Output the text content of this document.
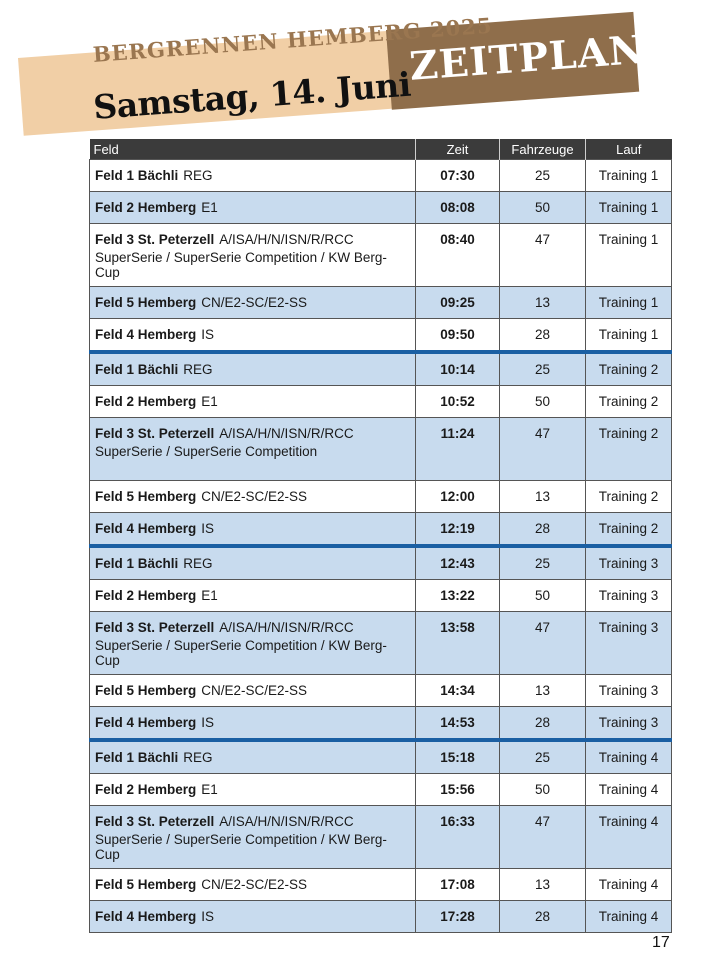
BERGRENNEN HEMBERG 2025
Samstag, 14. Juni
ZEITPLAN
Feld	Zeit	Fahrzeuge	Lauf
Feld 1 Bächli REG	07:30	25	Training 1
Feld 2 Hemberg E1	08:08	50	Training 1
Feld 3 St. Peterzell A/ISA/H/N/ISN/R/RCC
SuperSerie / SuperSerie Competition / KW Berg-Cup	08:40	47	Training 1
Feld 5 Hemberg CN/E2-SC/E2-SS	09:25	13	Training 1
Feld 4 Hemberg IS	09:50	28	Training 1
Feld 1 Bächli REG	10:14	25	Training 2
Feld 2 Hemberg E1	10:52	50	Training 2
Feld 3 St. Peterzell A/ISA/H/N/ISN/R/RCC
SuperSerie / SuperSerie Competition	11:24	47	Training 2
Feld 5 Hemberg CN/E2-SC/E2-SS	12:00	13	Training 2
Feld 4 Hemberg IS	12:19	28	Training 2
Feld 1 Bächli REG	12:43	25	Training 3
Feld 2 Hemberg E1	13:22	50	Training 3
Feld 3 St. Peterzell A/ISA/H/N/ISN/R/RCC
SuperSerie / SuperSerie Competition / KW Berg-Cup	13:58	47	Training 3
Feld 5 Hemberg CN/E2-SC/E2-SS	14:34	13	Training 3
Feld 4 Hemberg IS	14:53	28	Training 3
Feld 1 Bächli REG	15:18	25	Training 4
Feld 2 Hemberg E1	15:56	50	Training 4
Feld 3 St. Peterzell A/ISA/H/N/ISN/R/RCC
SuperSerie / SuperSerie Competition / KW Berg-Cup	16:33	47	Training 4
Feld 5 Hemberg CN/E2-SC/E2-SS	17:08	13	Training 4
Feld 4 Hemberg IS	17:28	28	Training 4
17
